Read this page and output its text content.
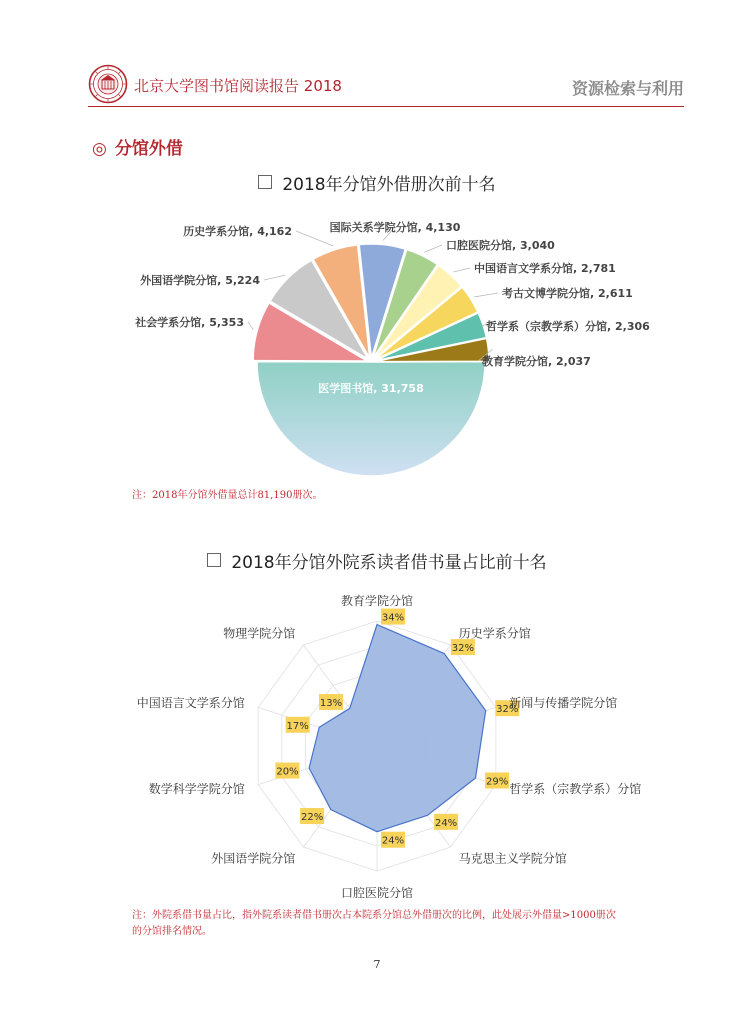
北京大学图书馆阅读报告 2018	资源检索与利用
◎ 分馆外借
2018年分馆外借册次前十名
医学图书馆, 31,758
社会学系分馆, 5,353
外国语学院分馆, 5,224
历史学系分馆, 4,162	国际关系学院分馆, 4,130
口腔医院分馆, 3,040
中国语言文学系分馆, 2,781
考古文博学院分馆, 2,611
哲学系（宗教学系）分馆, 2,306
教育学院分馆, 2,037
注：2018年分馆外借量总计81,190册次。
2018年分馆外院系读者借书量占比前十名
34%
教育学院分馆
32%
历史学系分馆
32%
新闻与传播学院分馆
29% 哲学系（宗教学系）分馆
24%
马克思主义学院分馆
24%
口腔医院分馆
22%
外国语学院分馆
20%
数学科学学院分馆
17%
中国语言文学系分馆	13%
物理学院分馆
注：外院系借书量占比，指外院系读者借书册次占本院系分馆总外借册次的比例，此处展示外借量>1000册次
的分馆排名情况。
7
